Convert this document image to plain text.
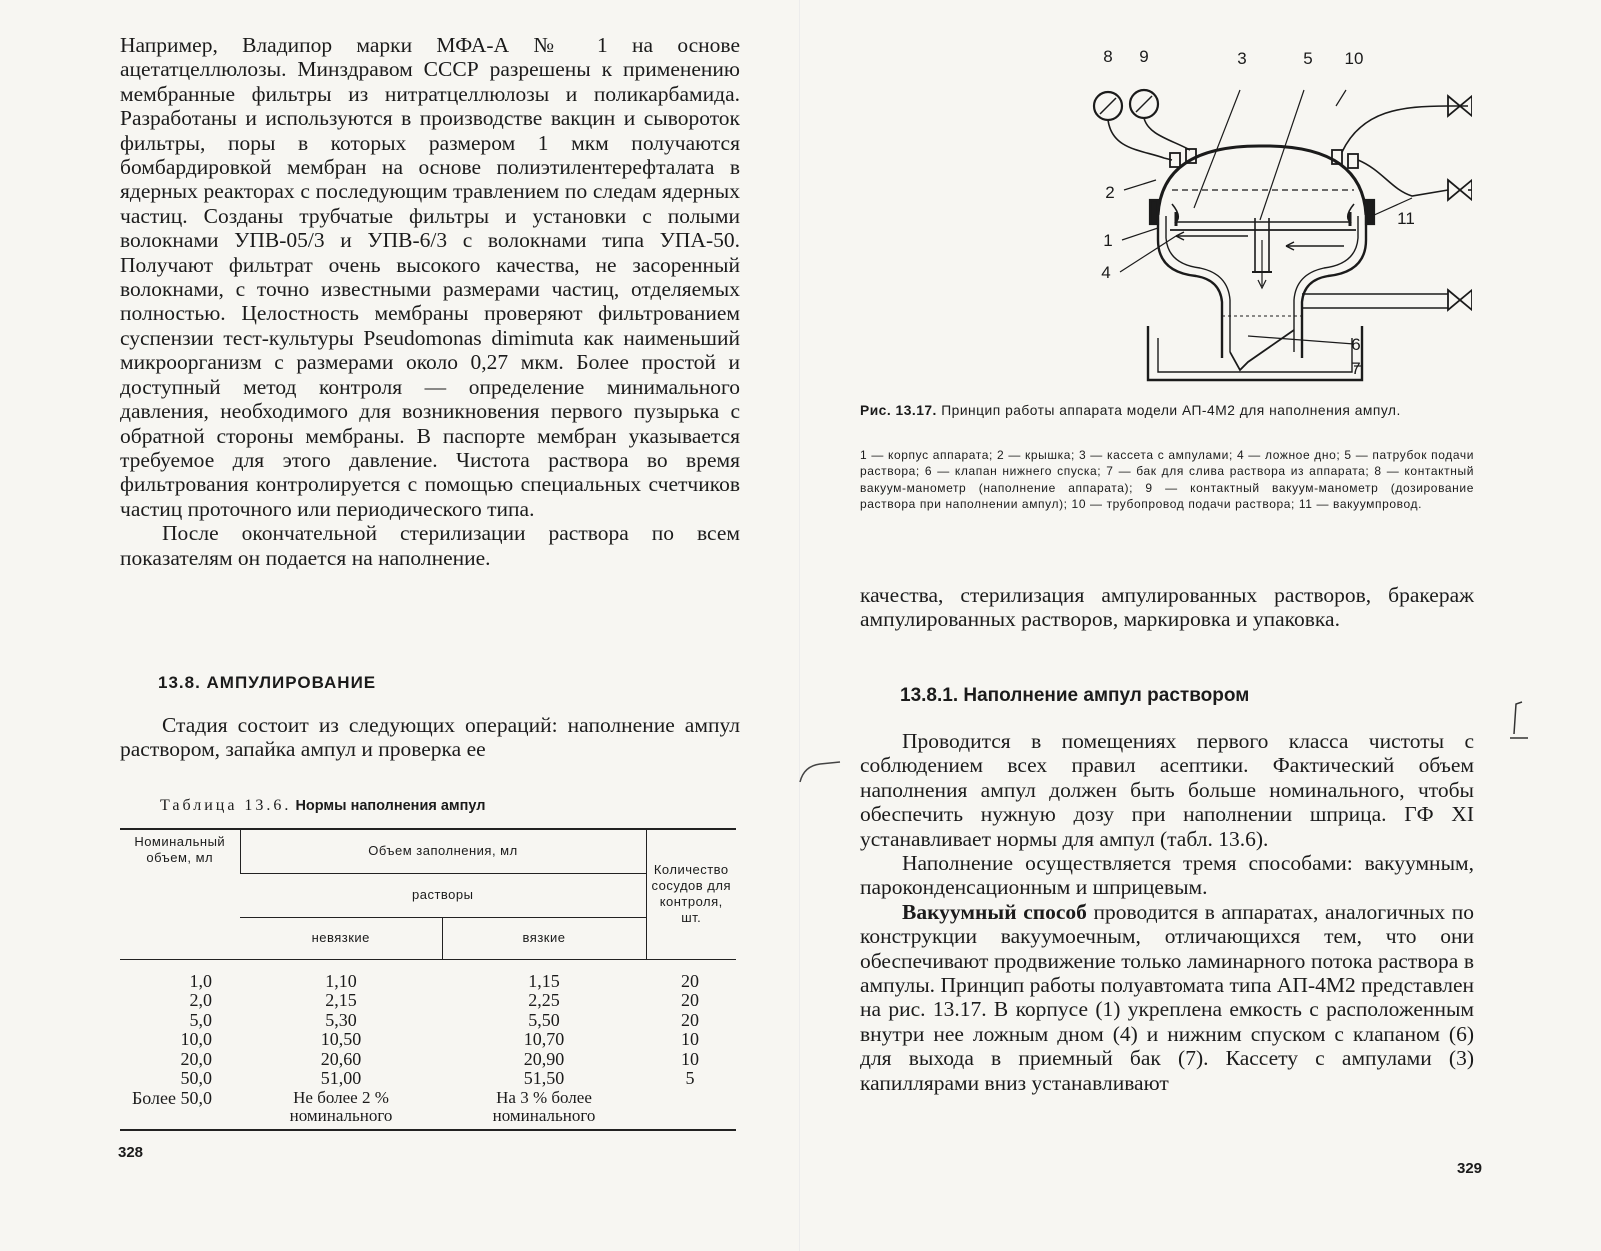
Например, Владипор марки МФА-А № 1 на основе ацетатцеллюлозы. Минздравом СССР разрешены к применению мембранные фильтры из нитратцеллюлозы и поликарбамида. Разработаны и используются в производстве вакцин и сывороток фильтры, поры в которых размером 1 мкм получаются бомбардировкой мембран на основе полиэтилентерефталата в ядерных реакторах с последующим травлением по следам ядерных частиц. Созданы трубчатые фильтры и установки с полыми волокнами УПВ-05/3 и УПВ-6/3 с волокнами типа УПА-50. Получают фильтрат очень высокого качества, не засоренный волокнами, с точно известными размерами частиц, отделяемых полностью. Целостность мембраны проверяют фильтрованием суспензии тест-культуры Pseudomonas dimimuta как наименьший микроорганизм с размерами около 0,27 мкм. Более простой и доступный метод контроля — определение минимального давления, необходимого для возникновения первого пузырька с обратной стороны мембраны. В паспорте мембран указывается требуемое для этого давление. Чистота раствора во время фильтрования контролируется с помощью специальных счетчиков частиц проточного или периодического типа.

После окончательной стерилизации раствора по всем показателям он подается на наполнение.

13.8. АМПУЛИРОВАНИЕ

Стадия состоит из следующих операций: наполнение ампул раствором, запайка ампул и проверка ее

Таблица 13.6. Нормы наполнения ампул
Номинальный объем, мл	Объем заполнения, мл		Количество сосудов для контроля, шт.
	растворы		
	невязкие	вязкие	
1,0	1,10	1,15	20
2,0	2,15	2,25	20
5,0	5,30	5,50	20
10,0	10,50	10,70	10
20,0	20,60	20,90	10
50,0	51,00	51,50	5
Более 50,0	Не более 2 % номинального	На 3 % более номинального	
328
8 9	3	5 10
2
11
1
4
6
7
Рис. 13.17. Принцип работы аппарата модели АП-4М2 для наполнения ампул.
1 — корпус аппарата; 2 — крышка; 3 — кассета с ампулами; 4 — ложное дно; 5 — патрубок подачи раствора; 6 — клапан нижнего спуска; 7 — бак для слива раствора из аппарата; 8 — контактный вакуум-манометр (наполнение аппарата); 9 — контактный вакуум-манометр (дозирование раствора при наполнении ампул); 10 — трубопровод подачи раствора; 11 — вакуумпровод.

качества, стерилизация ампулированных растворов, бракераж ампулированных растворов, маркировка и упаковка.

13.8.1. Наполнение ампул раствором

Проводится в помещениях первого класса чистоты с соблюдением всех правил асептики. Фактический объем наполнения ампул должен быть больше номинального, чтобы обеспечить нужную дозу при наполнении шприца. ГФ XI устанавливает нормы для ампул (табл. 13.6).

Наполнение осуществляется тремя способами: вакуумным, пароконденсационным и шприцевым.

Вакуумный способ проводится в аппаратах, аналогичных по конструкции вакуумоечным, отличающихся тем, что они обеспечивают продвижение только ламинарного потока раствора в ампулы. Принцип работы полуавтомата типа АП-4М2 представлен на рис. 13.17. В корпусе (1) укреплена емкость с расположенным внутри нее ложным дном (4) и нижним спуском с клапаном (6) для выхода в приемный бак (7). Кассету с ампулами (3) капиллярами вниз устанавливают

329
